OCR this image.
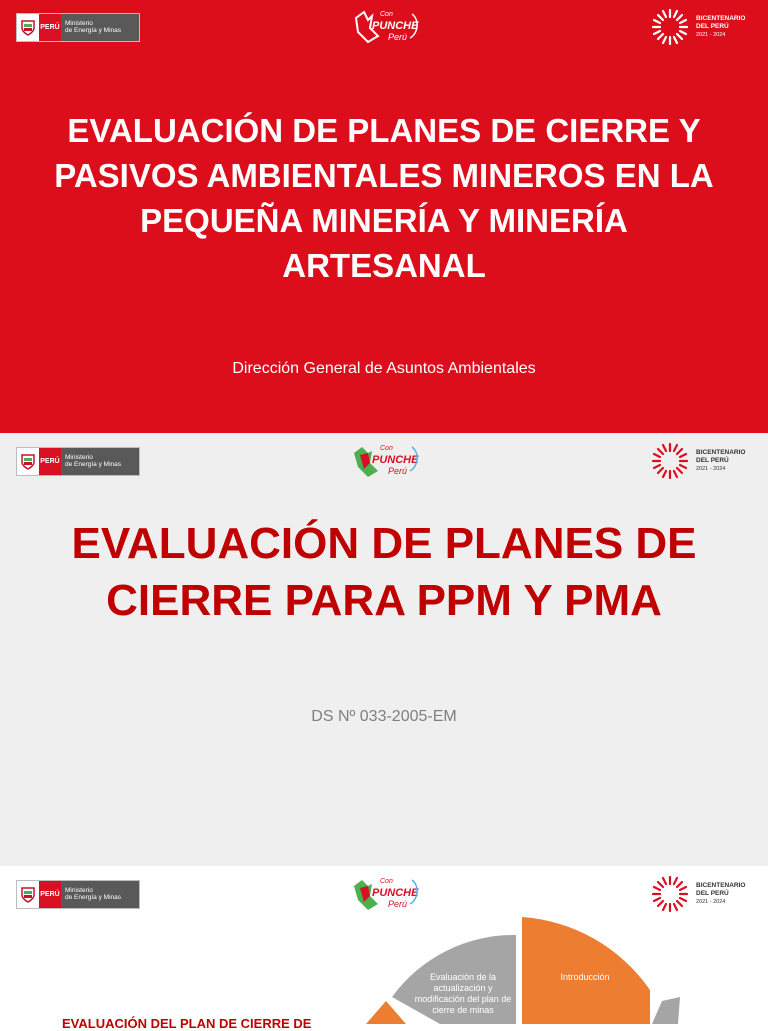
PERÚ
Ministerio
de Energía y Minas
Con
PUNCHE
Perú
BICENTENARIO
DEL PERÚ
2021 - 2024
EVALUACIÓN DE PLANES DE CIERRE Y PASIVOS AMBIENTALES MINEROS EN LA PEQUEÑA MINERÍA Y MINERÍA ARTESANAL

Dirección General de Asuntos Ambientales

PERÚ
Ministerio
de Energía y Minas
Con
PUNCHE
Perú
BICENTENARIO
DEL PERÚ
2021 - 2024
EVALUACIÓN DE PLANES DE CIERRE PARA PPM Y PMA

DS Nº 033-2005-EM

PERÚ
Ministerio
de Energía y Minas
Con
PUNCHE
Perú
BICENTENARIO
DEL PERÚ
2021 - 2024
Introducción
Evaluación de la actualización y modificación del plan de cierre de minas
EVALUACIÓN DEL PLAN DE CIERRE DE
